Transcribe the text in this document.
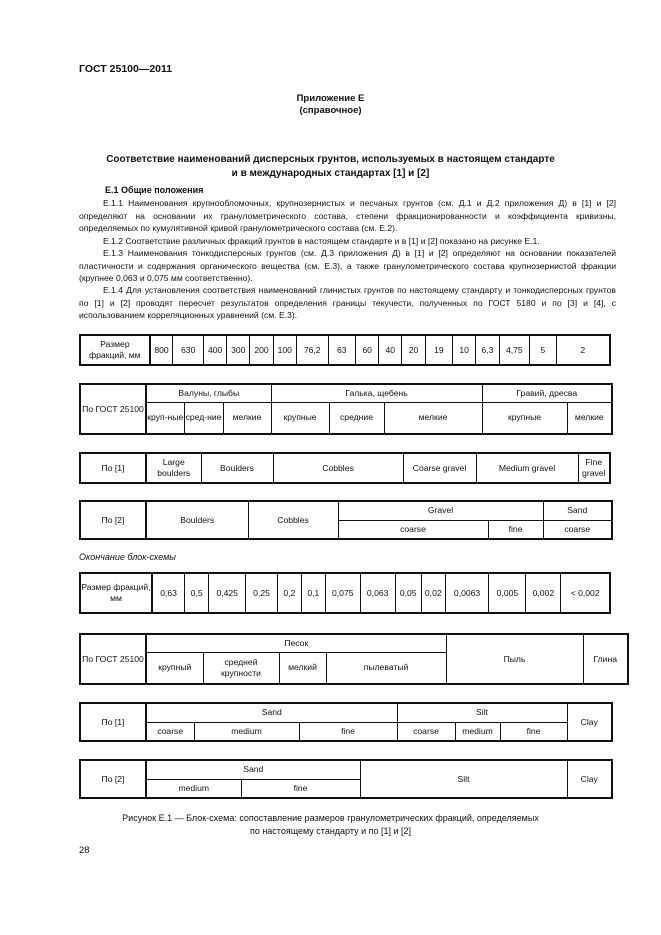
ГОСТ 25100—2011
Приложение Е
(справочное)
Соответствие наименований дисперсных грунтов, используемых в настоящем стандарте
и в международных стандартах [1] и [2]
Е.1 Общие положения
Е.1.1 Наименования крупнообломочных, крупнозернистых и песчаных грунтов (см. Д.1 и Д.2 приложения Д) в [1] и [2] определяют на основании их гранулометрического состава, степени фракционированности и коэффициента кривизны, определяемых по кумулятивной кривой гранулометрического состава (см. Е.2).
Е.1.2 Соответствие различных фракций грунтов в настоящем стандарте и в [1] и [2] показано на рисунке Е.1.
Е.1.3 Наименования тонкодисперсных грунтов (см. Д.3 приложения Д) в [1] и [2] определяют на основании показателей пластичности и содержания органического вещества (см. Е.3), а также гранулометрического состава крупнозернистой фракции (крупнее 0,063 и 0,075 мм соответственно).
Е.1.4 Для установления соответствия наименований глинистых грунтов по настоящему стандарту и тонкодисперсных грунтов по [1] и [2] проводят пересчет результатов определения границы текучести, полученных по ГОСТ 5180 и по [3] и [4], с использованием корреляционных уравнений (см. Е.3).
Размер фракций, мм	800	630	400	300	200	100	76,2	63	60	40	20	19	10	6,3	4,75	5	2
По ГОСТ 25100	Валуны, глыбы			Галька, щебень			Гравий, дресва	
	круп-ные	сред-ние	мелкие	крупные	средние	мелкие	крупные	мелкие
По [1]	Large boulders	Boulders	Cobbles	Coarse gravel	Medium gravel	Fine gravel
По [2]	Boulders	Cobbles	Gravel		Sand
			coarse	fine	coarse
Окончание блок-схемы
Размер фракций, мм	0,63	0,5	0,425	0,25	0,2	0,1	0,075	0,063	0,05	0,02	0,0063	0,005	0,002	< 0,002
По ГОСТ 25100	Песок				Пыль	Глина
	крупный	средней крупности	мелкий	пылеватый		
По [1]	Sand			Silt			Clay
	coarse	medium	fine	coarse	medium	fine	
По [2]	Sand		Silt	Clay
	medium	fine		
Рисунок Е.1 — Блок-схема: сопоставление размеров гранулометрических фракций, определяемых
по настоящему стандарту и по [1] и [2]
28
